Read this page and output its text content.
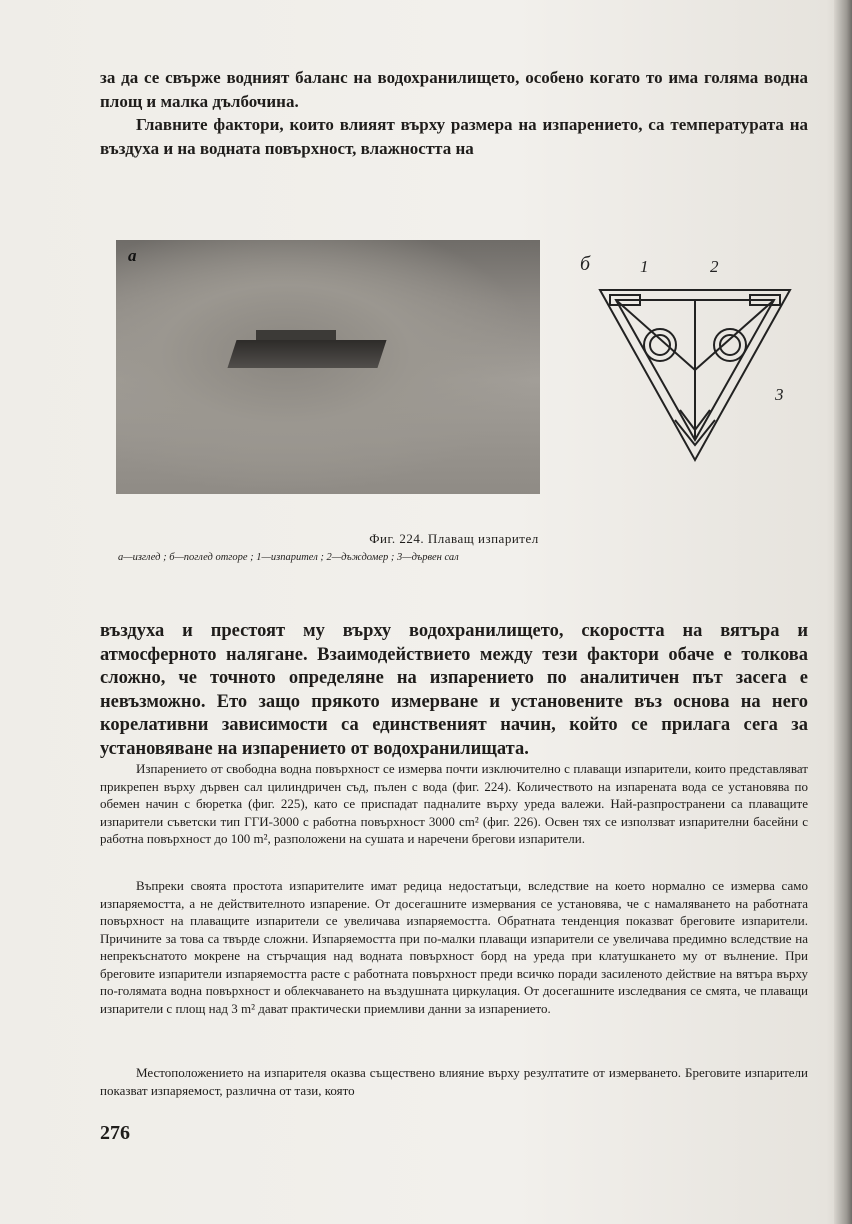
за да се свържe водният баланс на водохранилището, особено когато то има голяма водна площ и малка дълбочина.

Главните фактори, които влияят върху размера на изпарението, са температурата на въздуха и на водната повърхност, влажността на

a	б	1	2
3

Фиг. 224. Плаващ изпарител

a—изглед ; б—поглед отгоре ; 1—изпарител ; 2—дъждомер ; 3—дървен сал

въздуха и престоят му върху водохранилището, скоростта на вятъра и атмосферното налягане. Взаимодействието между тези фактори обаче е толкова сложно, че точното определяне на изпарението по аналитичен път засега е невъзможно. Ето защо прякото измерване и установените въз основа на него корелативни зависимости са единственият начин, който се прилага сега за установяване на изпарението от водохранилищата.

Изпарението от свободна водна повърхност се измерва почти изключително с плаващи изпарители, които представляват прикрепен върху дървен сал цилиндричен съд, пълен с вода (фиг. 224). Количеството на изпарената вода се установява по обемен начин с бюретка (фиг. 225), като се приспадат падналите върху уреда валежи. Най-разпространени са плаващите изпарители съветски тип ГГИ-3000 с работна повърхност 3000 cm² (фиг. 226). Освен тях се използват изпарителни басейни с работна повърхност до 100 m², разположени на сушата и наречени брегови изпарители.

Въпреки своята простота изпарителите имат редица недостатъци, вследствие на което нормално се измерва само изпаряемостта, а не действителното изпарение. От досегашните измервания се установява, че с намаляването на работната повърхност на плаващите изпарители се увеличава изпаряемостта. Обратната тенденция показват бреговите изпарители. Причините за това са твърде сложни. Изпаряемостта при по-малки плаващи изпарители се увеличава предимно вследствие на непрекъснатото мокрене на стърчащия над водната повърхност борд на уреда при клатушкането му от вълнение. При бреговите изпарители изпаряемостта расте с работната повърхност преди всичко поради засиленото действие на вятъра върху по-голямата водна повърхност и облекчаването на въздушната циркулация. От досегашните изследвания се смята, че плаващи изпарители с площ над 3 m² дават практически приемливи данни за изпарението.

Местоположението на изпарителя оказва съществено влияние върху резултатите от измерването. Бреговите изпарители показват изпаряемост, различна от тази, която

276
